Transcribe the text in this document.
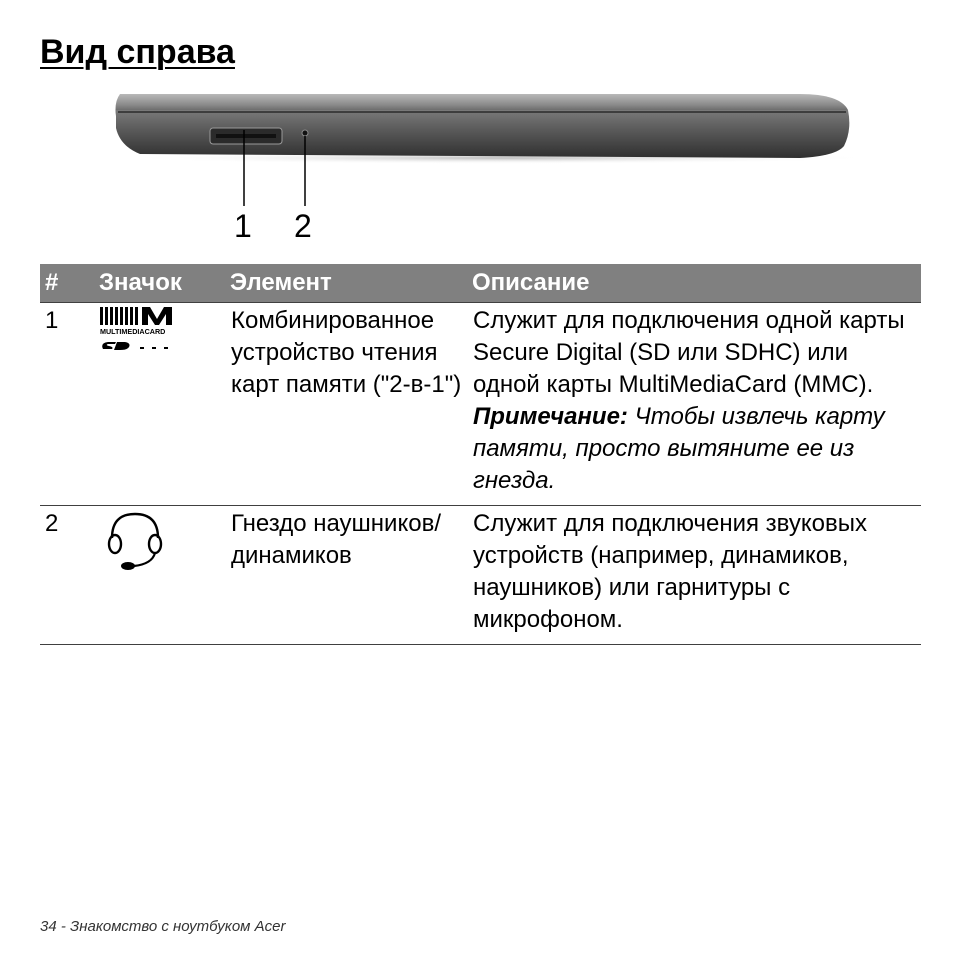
Вид справа
1 2
#	Значок	Элемент	Описание
1	MULTIMEDIACARD	Комбинированное устройство чтения карт памяти ("2-в-1")	Служит для подключения одной карты Secure Digital (SD или SDHC) или одной карты MultiMediaCard (MMC).
Примечание: Чтобы извлечь карту памяти, просто вытяните ее из гнезда.
2		Гнездо наушников/ динамиков	Служит для подключения звуковых устройств (например, динамиков, наушников) или гарнитуры с микрофоном.
34 - Знакомство с ноутбуком Acer
